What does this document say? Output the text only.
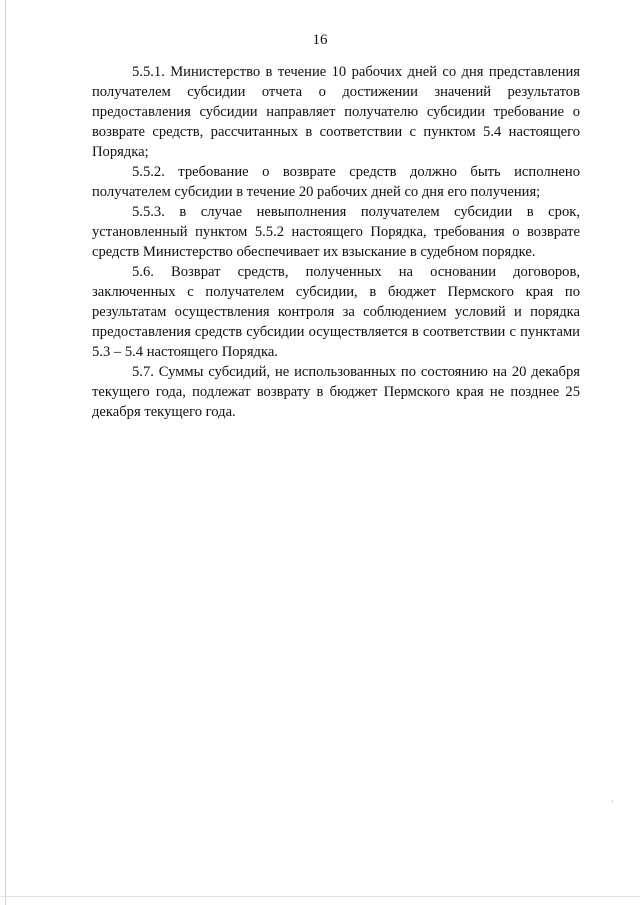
16

5.5.1. Министерство в течение 10 рабочих дней со дня представления получателем субсидии отчета о достижении значений результатов предоставления субсидии направляет получателю субсидии требование о возврате средств, рассчитанных в соответствии с пунктом 5.4 настоящего Порядка;

5.5.2. требование о возврате средств должно быть исполнено получателем субсидии в течение 20 рабочих дней со дня его получения;

5.5.3. в случае невыполнения получателем субсидии в срок, установленный пунктом 5.5.2 настоящего Порядка, требования о возврате средств Министерство обеспечивает их взыскание в судебном порядке.

5.6. Возврат средств, полученных на основании договоров, заключенных с получателем субсидии, в бюджет Пермского края по результатам осуществления контроля за соблюдением условий и порядка предоставления средств субсидии осуществляется в соответствии с пунктами 5.3 – 5.4 настоящего Порядка.

5.7. Суммы субсидий, не использованных по состоянию на 20 декабря текущего года, подлежат возврату в бюджет Пермского края не позднее 25 декабря текущего года.
